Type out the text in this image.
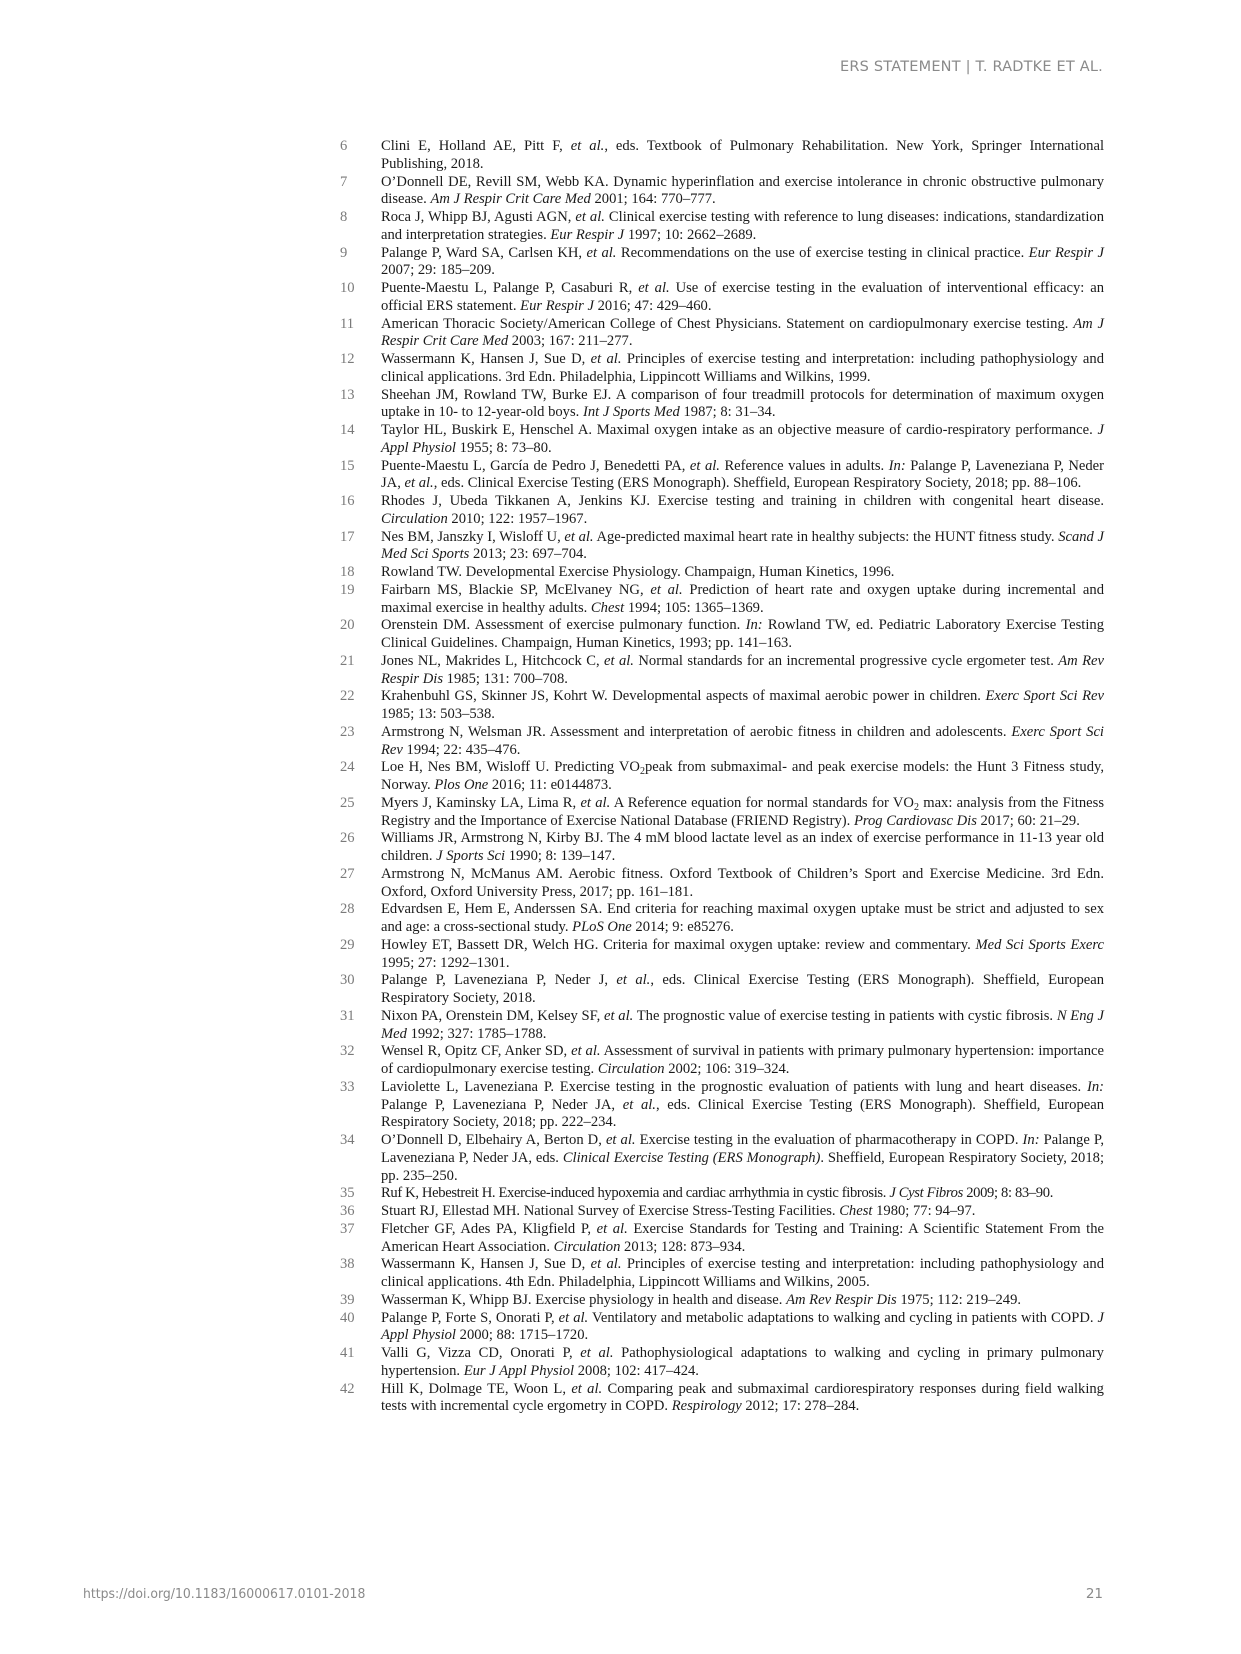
ERS STATEMENT | T. RADTKE ET AL.
6	Clini E, Holland AE, Pitt F, et al., eds. Textbook of Pulmonary Rehabilitation. New York, Springer International Publishing, 2018.
7	O’Donnell DE, Revill SM, Webb KA. Dynamic hyperinflation and exercise intolerance in chronic obstructive pulmonary disease. Am J Respir Crit Care Med 2001; 164: 770–777.
8	Roca J, Whipp BJ, Agusti AGN, et al. Clinical exercise testing with reference to lung diseases: indications, standardization and interpretation strategies. Eur Respir J 1997; 10: 2662–2689.
9	Palange P, Ward SA, Carlsen KH, et al. Recommendations on the use of exercise testing in clinical practice. Eur Respir J 2007; 29: 185–209.
10	Puente-Maestu L, Palange P, Casaburi R, et al. Use of exercise testing in the evaluation of interventional efficacy: an official ERS statement. Eur Respir J 2016; 47: 429–460.
11	American Thoracic Society/American College of Chest Physicians. Statement on cardiopulmonary exercise testing. Am J Respir Crit Care Med 2003; 167: 211–277.
12	Wassermann K, Hansen J, Sue D, et al. Principles of exercise testing and interpretation: including pathophysiology and clinical applications. 3rd Edn. Philadelphia, Lippincott Williams and Wilkins, 1999.
13	Sheehan JM, Rowland TW, Burke EJ. A comparison of four treadmill protocols for determination of maximum oxygen uptake in 10- to 12-year-old boys. Int J Sports Med 1987; 8: 31–34.
14	Taylor HL, Buskirk E, Henschel A. Maximal oxygen intake as an objective measure of cardio-respiratory performance. J Appl Physiol 1955; 8: 73–80.
15	Puente-Maestu L, García de Pedro J, Benedetti PA, et al. Reference values in adults. In: Palange P, Laveneziana P, Neder JA, et al., eds. Clinical Exercise Testing (ERS Monograph). Sheffield, European Respiratory Society, 2018; pp. 88–106.
16	Rhodes J, Ubeda Tikkanen A, Jenkins KJ. Exercise testing and training in children with congenital heart disease. Circulation 2010; 122: 1957–1967.
17	Nes BM, Janszky I, Wisloff U, et al. Age-predicted maximal heart rate in healthy subjects: the HUNT fitness study. Scand J Med Sci Sports 2013; 23: 697–704.
18	Rowland TW. Developmental Exercise Physiology. Champaign, Human Kinetics, 1996.
19	Fairbarn MS, Blackie SP, McElvaney NG, et al. Prediction of heart rate and oxygen uptake during incremental and maximal exercise in healthy adults. Chest 1994; 105: 1365–1369.
20	Orenstein DM. Assessment of exercise pulmonary function. In: Rowland TW, ed. Pediatric Laboratory Exercise Testing Clinical Guidelines. Champaign, Human Kinetics, 1993; pp. 141–163.
21	Jones NL, Makrides L, Hitchcock C, et al. Normal standards for an incremental progressive cycle ergometer test. Am Rev Respir Dis 1985; 131: 700–708.
22	Krahenbuhl GS, Skinner JS, Kohrt W. Developmental aspects of maximal aerobic power in children. Exerc Sport Sci Rev 1985; 13: 503–538.
23	Armstrong N, Welsman JR. Assessment and interpretation of aerobic fitness in children and adolescents. Exerc Sport Sci Rev 1994; 22: 435–476.
24	Loe H, Nes BM, Wisloff U. Predicting $VO_2peak$ from submaximal- and peak exercise models: the Hunt 3 Fitness study, Norway. Plos One 2016; 11: e0144873.
25	Myers J, Kaminsky LA, Lima R, et al. A Reference equation for normal standards for $VO_2$ max: analysis from the Fitness Registry and the Importance of Exercise National Database (FRIEND Registry). Prog Cardiovasc Dis 2017; 60: 21–29.
26	Williams JR, Armstrong N, Kirby BJ. The 4 mM blood lactate level as an index of exercise performance in 11-13 year old children. J Sports Sci 1990; 8: 139–147.
27	Armstrong N, McManus AM. Aerobic fitness. Oxford Textbook of Children’s Sport and Exercise Medicine. 3rd Edn. Oxford, Oxford University Press, 2017; pp. 161–181.
28	Edvardsen E, Hem E, Anderssen SA. End criteria for reaching maximal oxygen uptake must be strict and adjusted to sex and age: a cross-sectional study. PLoS One 2014; 9: e85276.
29	Howley ET, Bassett DR, Welch HG. Criteria for maximal oxygen uptake: review and commentary. Med Sci Sports Exerc 1995; 27: 1292–1301.
30	Palange P, Laveneziana P, Neder J, et al., eds. Clinical Exercise Testing (ERS Monograph). Sheffield, European Respiratory Society, 2018.
31	Nixon PA, Orenstein DM, Kelsey SF, et al. The prognostic value of exercise testing in patients with cystic fibrosis. N Eng J Med 1992; 327: 1785–1788.
32	Wensel R, Opitz CF, Anker SD, et al. Assessment of survival in patients with primary pulmonary hypertension: importance of cardiopulmonary exercise testing. Circulation 2002; 106: 319–324.
33	Laviolette L, Laveneziana P. Exercise testing in the prognostic evaluation of patients with lung and heart diseases. In: Palange P, Laveneziana P, Neder JA, et al., eds. Clinical Exercise Testing (ERS Monograph). Sheffield, European Respiratory Society, 2018; pp. 222–234.
34	O’Donnell D, Elbehairy A, Berton D, et al. Exercise testing in the evaluation of pharmacotherapy in COPD. In: Palange P, Laveneziana P, Neder JA, eds. Clinical Exercise Testing (ERS Monograph). Sheffield, European Respiratory Society, 2018; pp. 235–250.
35	Ruf K, Hebestreit H. Exercise-induced hypoxemia and cardiac arrhythmia in cystic fibrosis. J Cyst Fibros 2009; 8: 83–90.
36	Stuart RJ, Ellestad MH. National Survey of Exercise Stress-Testing Facilities. Chest 1980; 77: 94–97.
37	Fletcher GF, Ades PA, Kligfield P, et al. Exercise Standards for Testing and Training: A Scientific Statement From the American Heart Association. Circulation 2013; 128: 873–934.
38	Wassermann K, Hansen J, Sue D, et al. Principles of exercise testing and interpretation: including pathophysiology and clinical applications. 4th Edn. Philadelphia, Lippincott Williams and Wilkins, 2005.
39	Wasserman K, Whipp BJ. Exercise physiology in health and disease. Am Rev Respir Dis 1975; 112: 219–249.
40	Palange P, Forte S, Onorati P, et al. Ventilatory and metabolic adaptations to walking and cycling in patients with COPD. J Appl Physiol 2000; 88: 1715–1720.
41	Valli G, Vizza CD, Onorati P, et al. Pathophysiological adaptations to walking and cycling in primary pulmonary hypertension. Eur J Appl Physiol 2008; 102: 417–424.
42	Hill K, Dolmage TE, Woon L, et al. Comparing peak and submaximal cardiorespiratory responses during field walking tests with incremental cycle ergometry in COPD. Respirology 2012; 17: 278–284.
https://doi.org/10.1183/16000617.0101-2018	21
